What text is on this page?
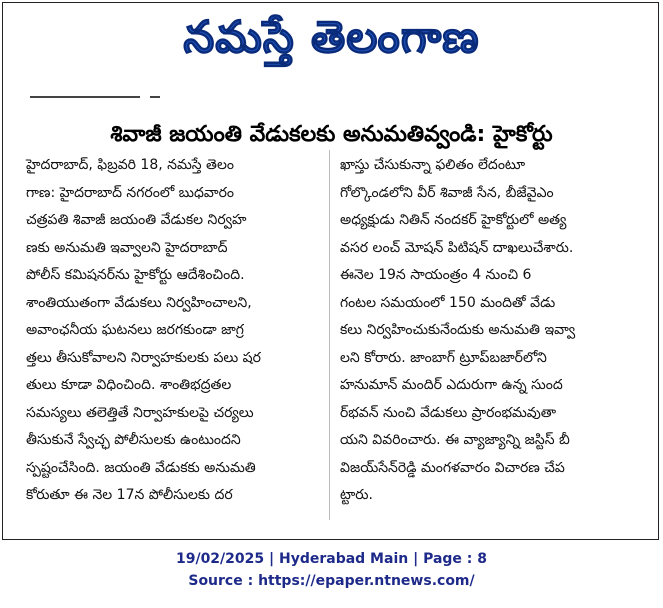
నమస్తే తెలంగాణ
శివాజీ జయంతి వేడుకలకు అనుమతివ్వండి: హైకోర్టు
హైదరాబాద్, ఫిబ్రవరి 18, నమస్తే తెలం
గాణ: హైదరాబాద్ నగరంలో బుధవారం
చత్రపతి శివాజీ జయంతి వేడుకల నిర్వహ
ణకు అనుమతి ఇవ్వాలని హైదరాబాద్
పోలీస్ కమిషనర్‌ను హైకోర్టు ఆదేశించింది.
శాంతియుతంగా వేడుకలు నిర్వహించాలని,
అవాంఛనీయ ఘటనలు జరగకుండా జాగ్ర
త్తలు తీసుకోవాలని నిర్వాహకులకు పలు షర
తులు కూడా విధించింది. శాంతిభద్రతల
సమస్యలు తలెత్తితే నిర్వాహకులపై చర్యలు
తీసుకునే స్వేచ్ఛ పోలీసులకు ఉంటుందని
స్పష్టంచేసింది. జయంతి వేడుకకు అనుమతి
కోరుతూ ఈ నెల 17న పోలీసులకు దర
ఖాస్తు చేసుకున్నా ఫలితం లేదంటూ
గోల్కొండలోని వీర్ శివాజీ సేన, బీజేవైఎం
అధ్యక్షుడు నితిన్ నందకర్ హైకోర్టులో అత్య
వసర లంచ్ మోషన్ పిటిషన్ దాఖలుచేశారు.
ఈనెల 19న సాయంత్రం 4 నుంచి 6
గంటల సమయంలో 150 మందితో వేడు
కలు నిర్వహించుకునేందుకు అనుమతి ఇవ్వా
లని కోరారు. జాంబాగ్ ట్రూప్‌బజార్‌లోని
హనుమాన్ మందిర్ ఎదురుగా ఉన్న సుంద
ర్‌భవన్ నుంచి వేడుకలు ప్రారంభమవుతా
యని వివరించారు. ఈ వ్యాజ్యాన్ని జస్టిస్ బీ
విజయ్‌సేన్‌రెడ్డి మంగళవారం విచారణ చేప
ట్టారు.
19/02/2025 | Hyderabad Main | Page : 8
Source : https://epaper.ntnews.com/
